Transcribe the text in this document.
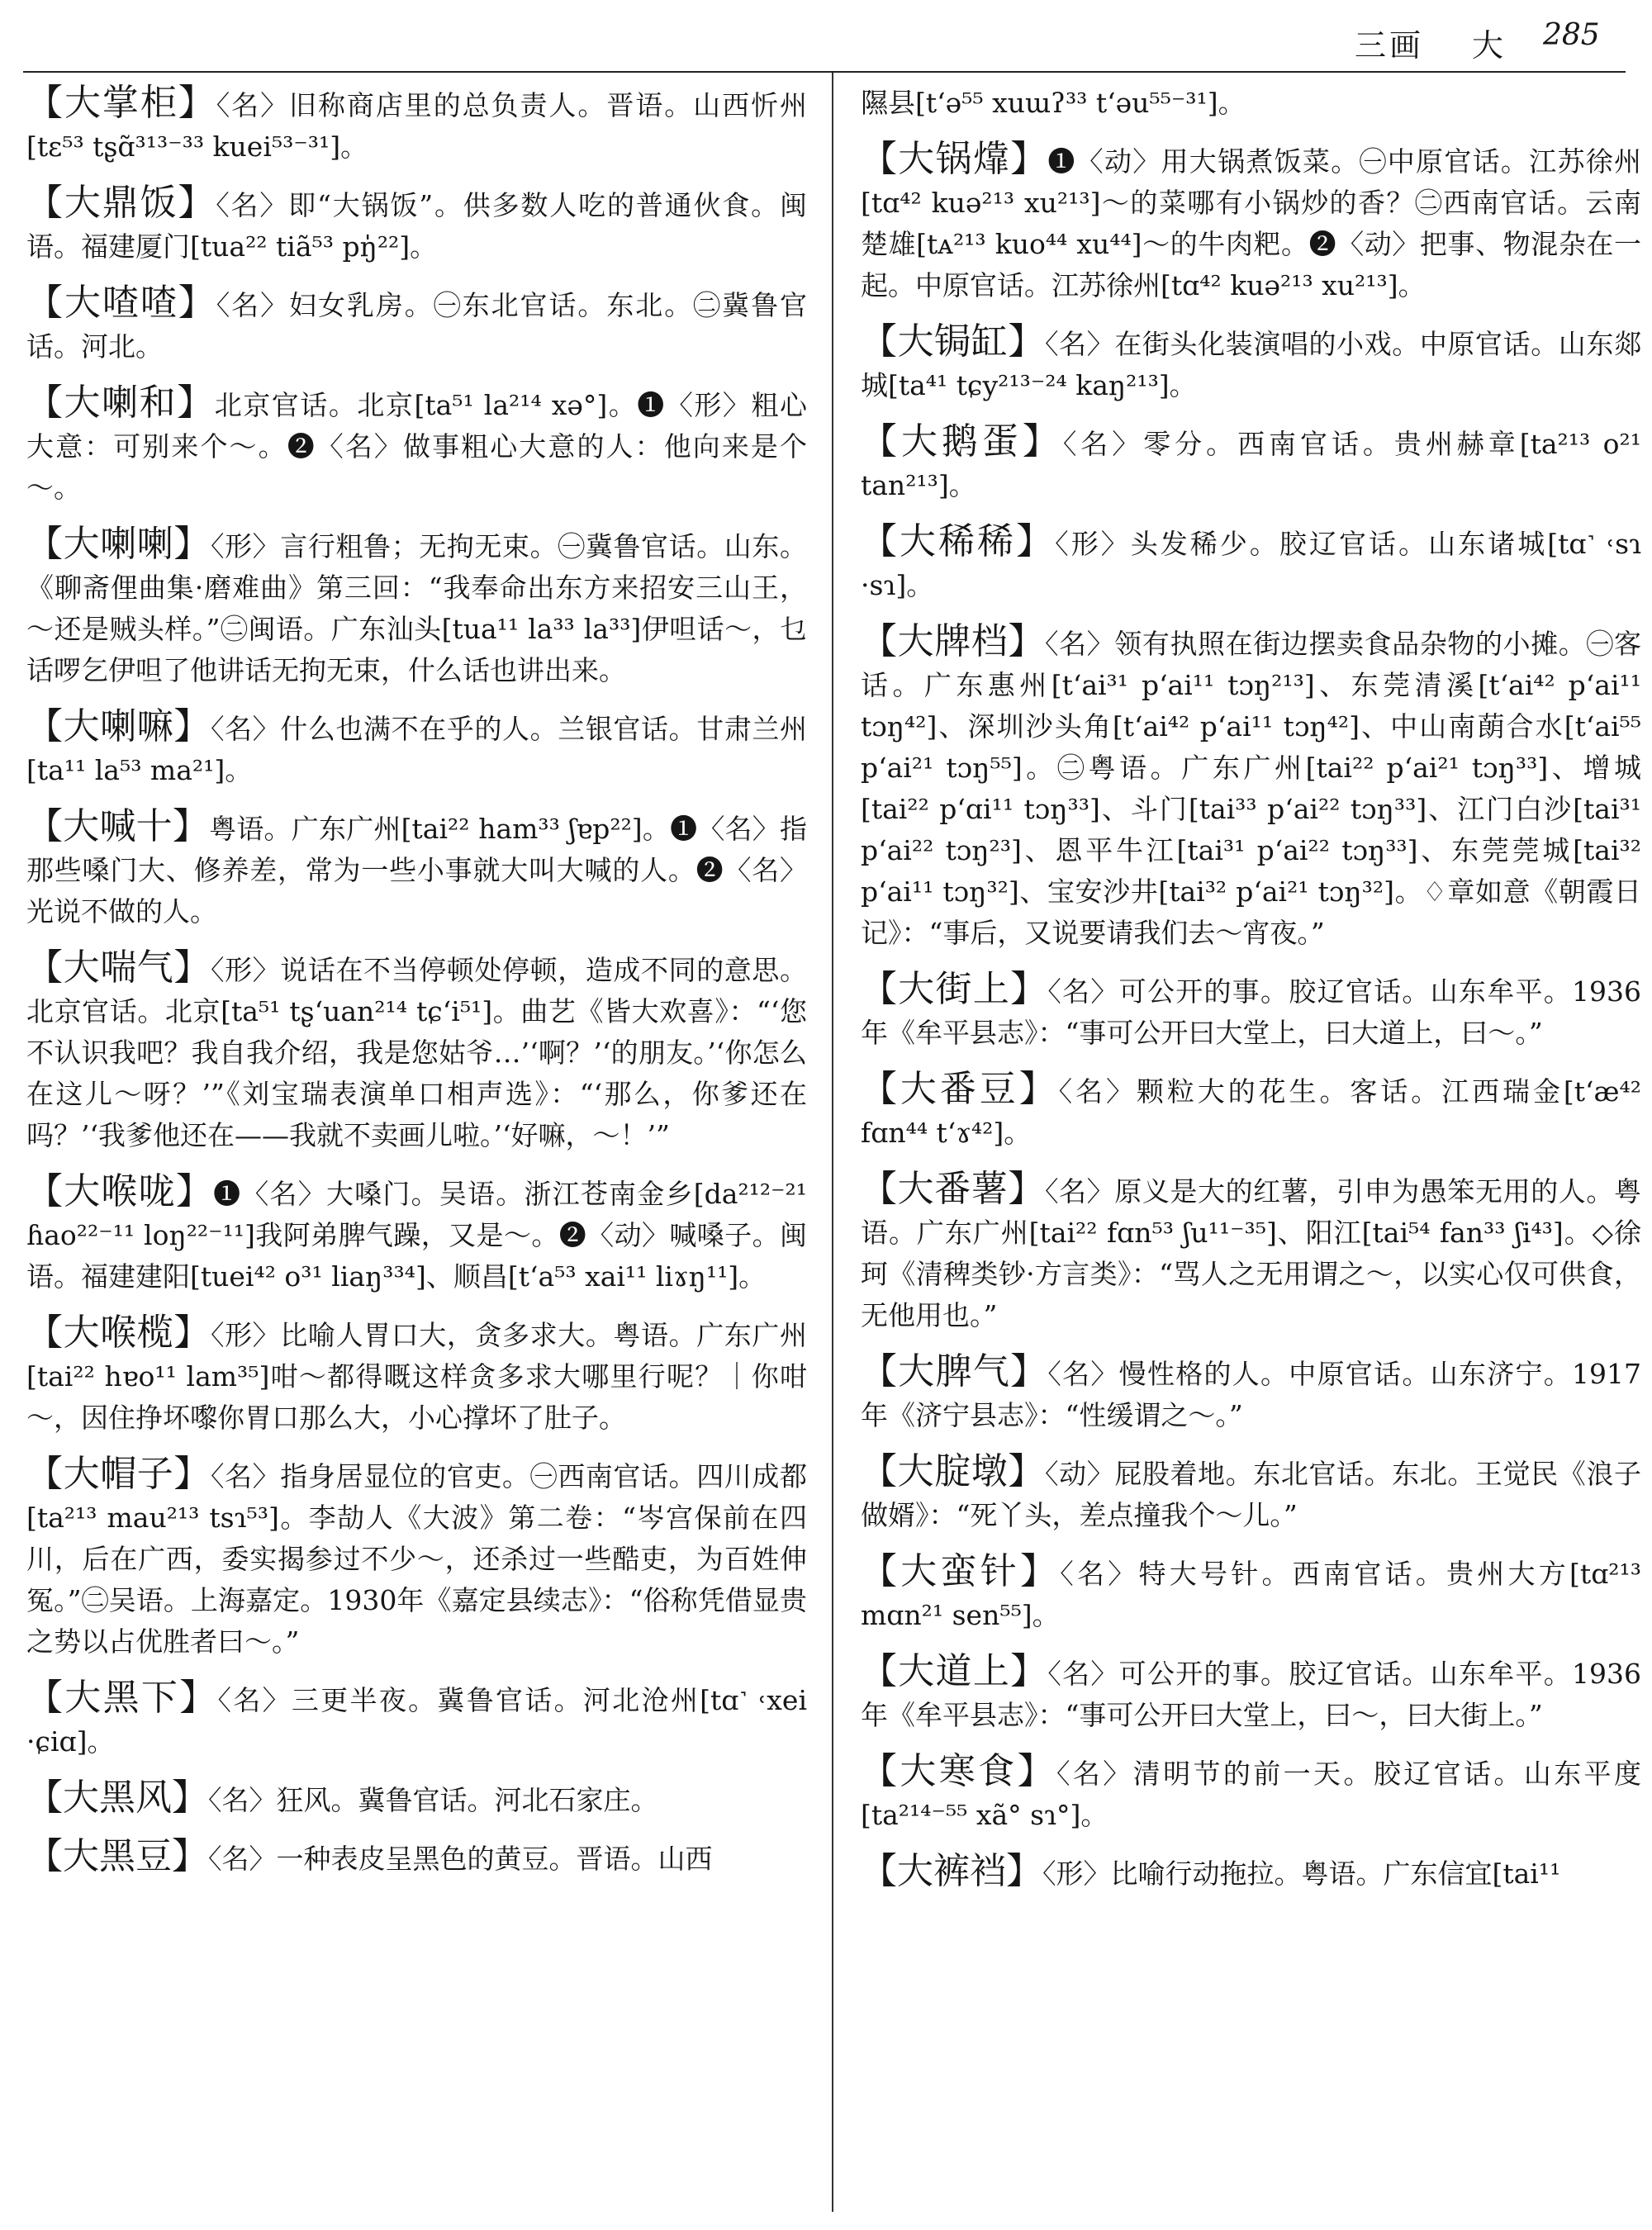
三画 大 285
【大掌柜】〈名〉旧称商店里的总负责人。晋语。山西忻州[tɛ⁵³ tʂɑ̃³¹³⁻³³ kuei⁵³⁻³¹]。
【大鼎饭】〈名〉即“大锅饭”。供多数人吃的普通伙食。闽语。福建厦门[tua²² tiã⁵³ pŋ̍²²]。
【大喳喳】〈名〉妇女乳房。㊀东北官话。东北。㊁冀鲁官话。河北。
【大喇和】北京官话。北京[ta⁵¹ la²¹⁴ xə°]。❶〈形〉粗心大意：可别来个～。❷〈名〉做事粗心大意的人：他向来是个～。
【大喇喇】〈形〉言行粗鲁；无拘无束。㊀冀鲁官话。山东。《聊斋俚曲集·磨难曲》第三回：“我奉命出东方来招安三山王，～还是贼头样。”㊁闽语。广东汕头[tua¹¹ la³³ la³³]伊呾话～，乜话啰乞伊呾了他讲话无拘无束，什么话也讲出来。
【大喇嘛】〈名〉什么也满不在乎的人。兰银官话。甘肃兰州[ta¹¹ la⁵³ ma²¹]。
【大喊十】粤语。广东广州[tai²² ham³³ ʃɐp²²]。❶〈名〉指那些嗓门大、修养差，常为一些小事就大叫大喊的人。❷〈名〉光说不做的人。
【大喘气】〈形〉说话在不当停顿处停顿，造成不同的意思。北京官话。北京[ta⁵¹ tʂʻuan²¹⁴ tɕʻi⁵¹]。曲艺《皆大欢喜》：“‘您不认识我吧？我自我介绍，我是您姑爷…’‘啊？’‘的朋友。’‘你怎么在这儿～呀？’”《刘宝瑞表演单口相声选》：“‘那么，你爹还在吗？’‘我爹他还在——我就不卖画儿啦。’‘好嘛，～！’”
【大喉咙】❶〈名〉大嗓门。吴语。浙江苍南金乡[da²¹²⁻²¹ ɦao²²⁻¹¹ loŋ²²⁻¹¹]我阿弟脾气躁，又是～。❷〈动〉喊嗓子。闽语。福建建阳[tuei⁴² o³¹ liaŋ³³⁴]、顺昌[tʻa⁵³ xai¹¹ liɤŋ¹¹]。
【大喉榄】〈形〉比喻人胃口大，贪多求大。粤语。广东广州[tai²² hɐo¹¹ lam³⁵]咁～都得嘅这样贪多求大哪里行呢？｜你咁～，因住挣坏嚟你胃口那么大，小心撑坏了肚子。
【大帽子】〈名〉指身居显位的官吏。㊀西南官话。四川成都[ta²¹³ mau²¹³ tsɿ⁵³]。李劼人《大波》第二卷：“岑宫保前在四川，后在广西，委实揭参过不少～，还杀过一些酷吏，为百姓伸冤。”㊁吴语。上海嘉定。1930年《嘉定县续志》：“俗称凭借显贵之势以占优胜者曰～。”
【大黑下】〈名〉三更半夜。冀鲁官话。河北沧州[tɑ˺ ˓xei ·ɕiɑ]。
【大黑风】〈名〉狂风。冀鲁官话。河北石家庄。
【大黑豆】〈名〉一种表皮呈黑色的黄豆。晋语。山西
隰县[tʻə⁵⁵ xuɯʔ³³ tʻəu⁵⁵⁻³¹]。
【大锅㸆】❶〈动〉用大锅煮饭菜。㊀中原官话。江苏徐州[tɑ⁴² kuə²¹³ xu²¹³]～的菜哪有小锅炒的香？㊁西南官话。云南楚雄[tᴀ²¹³ kuo⁴⁴ xu⁴⁴]～的牛肉粑。❷〈动〉把事、物混杂在一起。中原官话。江苏徐州[tɑ⁴² kuə²¹³ xu²¹³]。
【大锔缸】〈名〉在街头化装演唱的小戏。中原官话。山东郯城[ta⁴¹ tɕy²¹³⁻²⁴ kaŋ²¹³]。
【大鹅蛋】〈名〉零分。西南官话。贵州赫章[ta²¹³ o²¹ tan²¹³]。
【大稀稀】〈形〉头发稀少。胶辽官话。山东诸城[tɑ˺ ˓sɿ ·sɿ]。
【大牌档】〈名〉领有执照在街边摆卖食品杂物的小摊。㊀客话。广东惠州[tʻai³¹ pʻai¹¹ tɔŋ²¹³]、东莞清溪[tʻai⁴² pʻai¹¹ tɔŋ⁴²]、深圳沙头角[tʻai⁴² pʻai¹¹ tɔŋ⁴²]、中山南蓢合水[tʻai⁵⁵ pʻai²¹ tɔŋ⁵⁵]。㊁粤语。广东广州[tai²² pʻai²¹ tɔŋ³³]、增城[tai²² pʻɑi¹¹ tɔŋ³³]、斗门[tai³³ pʻai²² tɔŋ³³]、江门白沙[tai³¹ pʻai²² tɔŋ²³]、恩平牛江[tai³¹ pʻai²² tɔŋ³³]、东莞莞城[tai³² pʻai¹¹ tɔŋ³²]、宝安沙井[tai³² pʻai²¹ tɔŋ³²]。♢章如意《朝霞日记》：“事后，又说要请我们去～宵夜。”
【大街上】〈名〉可公开的事。胶辽官话。山东牟平。1936年《牟平县志》：“事可公开曰大堂上，曰大道上，曰～。”
【大番豆】〈名〉颗粒大的花生。客话。江西瑞金[tʻæ⁴² fɑn⁴⁴ tʻɤ⁴²]。
【大番薯】〈名〉原义是大的红薯，引申为愚笨无用的人。粤语。广东广州[tai²² fɑn⁵³ ʃu¹¹⁻³⁵]、阳江[tai⁵⁴ fan³³ ʃi⁴³]。◇徐珂《清稗类钞·方言类》：“骂人之无用谓之～，以实心仅可供食，无他用也。”
【大脾气】〈名〉慢性格的人。中原官话。山东济宁。1917年《济宁县志》：“性缓谓之～。”
【大腚墩】〈动〉屁股着地。东北官话。东北。王觉民《浪子做婿》：“死丫头，差点撞我个～儿。”
【大蛮针】〈名〉特大号针。西南官话。贵州大方[tɑ²¹³ mɑn²¹ sen⁵⁵]。
【大道上】〈名〉可公开的事。胶辽官话。山东牟平。1936年《牟平县志》：“事可公开曰大堂上，曰～，曰大街上。”
【大寒食】〈名〉清明节的前一天。胶辽官话。山东平度[ta²¹⁴⁻⁵⁵ xã° sɿ°]。
【大裤裆】〈形〉比喻行动拖拉。粤语。广东信宜[tai¹¹
